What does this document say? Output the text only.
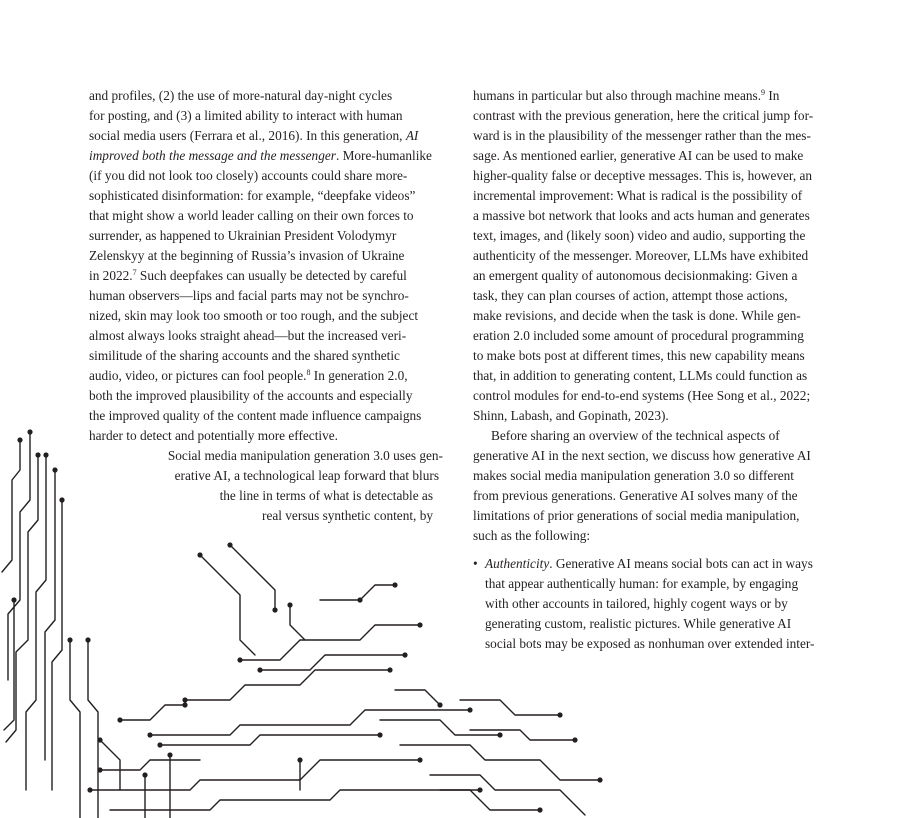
and profiles, (2) the use of more-natural day-night cycles
for posting, and (3) a limited ability to interact with human
social media users (Ferrara et al., 2016). In this generation, AI
improved both the message and the messenger. More-humanlike
(if you did not look too closely) accounts could share more-
sophisticated disinformation: for example, “deepfake videos”
that might show a world leader calling on their own forces to
surrender, as happened to Ukrainian President Volodymyr
Zelenskyy at the beginning of Russia’s invasion of Ukraine
in 2022.$^7$ Such deepfakes can usually be detected by careful
human observers—lips and facial parts may not be synchro-
nized, skin may look too smooth or too rough, and the subject
almost always looks straight ahead—but the increased veri-
similitude of the sharing accounts and the shared synthetic
audio, video, or pictures can fool people.$^8$ In generation 2.0,
both the improved plausibility of the accounts and especially
the improved quality of the content made influence campaigns
harder to detect and potentially more effective.
Social media manipulation generation 3.0 uses gen-
erative AI, a technological leap forward that blurs
the line in terms of what is detectable as
real versus synthetic content, by
humans in particular but also through machine means.$^9$ In
contrast with the previous generation, here the critical jump for-
ward is in the plausibility of the messenger rather than the mes-
sage. As mentioned earlier, generative AI can be used to make
higher-quality false or deceptive messages. This is, however, an
incremental improvement: What is radical is the possibility of
a massive bot network that looks and acts human and generates
text, images, and (likely soon) video and audio, supporting the
authenticity of the messenger. Moreover, LLMs have exhibited
an emergent quality of autonomous decisionmaking: Given a
task, they can plan courses of action, attempt those actions,
make revisions, and decide when the task is done. While gen-
eration 2.0 included some amount of procedural programming
to make bots post at different times, this new capability means
that, in addition to generating content, LLMs could function as
control modules for end-to-end systems (Hee Song et al., 2022;
Shinn, Labash, and Gopinath, 2023).
Before sharing an overview of the technical aspects of
generative AI in the next section, we discuss how generative AI
makes social media manipulation generation 3.0 so different
from previous generations. Generative AI solves many of the
limitations of prior generations of social media manipulation,
such as the following:
• Authenticity. Generative AI means social bots can act in ways
that appear authentically human: for example, by engaging
with other accounts in tailored, highly cogent ways or by
generating custom, realistic pictures. While generative AI
social bots may be exposed as nonhuman over extended inter-
